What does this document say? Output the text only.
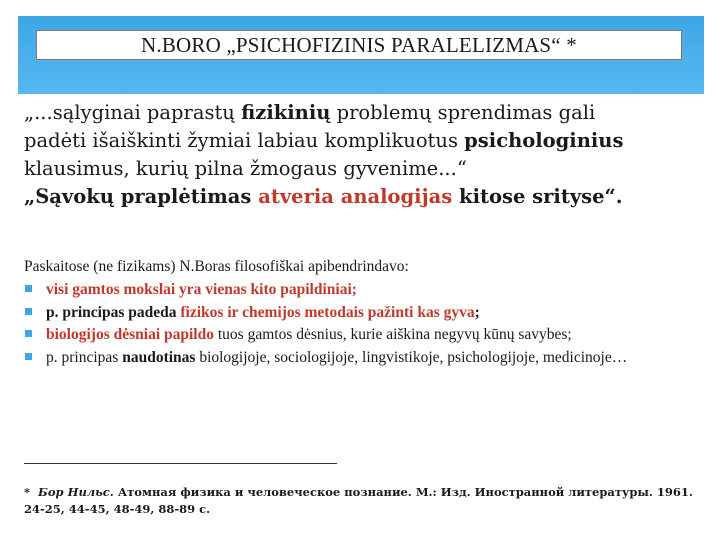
N.BORO „PSICHOFIZINIS PARALELIZMAS“ *

„...sąlyginai paprastų fizikinių problemų sprendimas gali

padėti išaiškinti žymiai labiau komplikuotus psichologinius

klausimus, kurių pilna žmogaus gyvenime...“

„Sąvokų praplėtimas atveria analogijas kitose srityse“.

Paskaitose (ne fizikams) N.Boras filosofiškai apibendrindavo:
visi gamtos mokslai yra vienas kito papildiniai;
p. principas padeda fizikos ir chemijos metodais pažinti kas gyva;
biologijos dėsniai papildo tuos gamtos dėsnius, kurie aiškina negyvų kūnų savybes;
p. principas naudotinas biologijoje, sociologijoje, lingvistikoje, psichologijoje, medicinoje…
* Бор Нильс. Атомная физика и человеческое познание. М.: Изд. Иностранной литературы. 1961. 24-25, 44-45, 48-49, 88-89 с.
